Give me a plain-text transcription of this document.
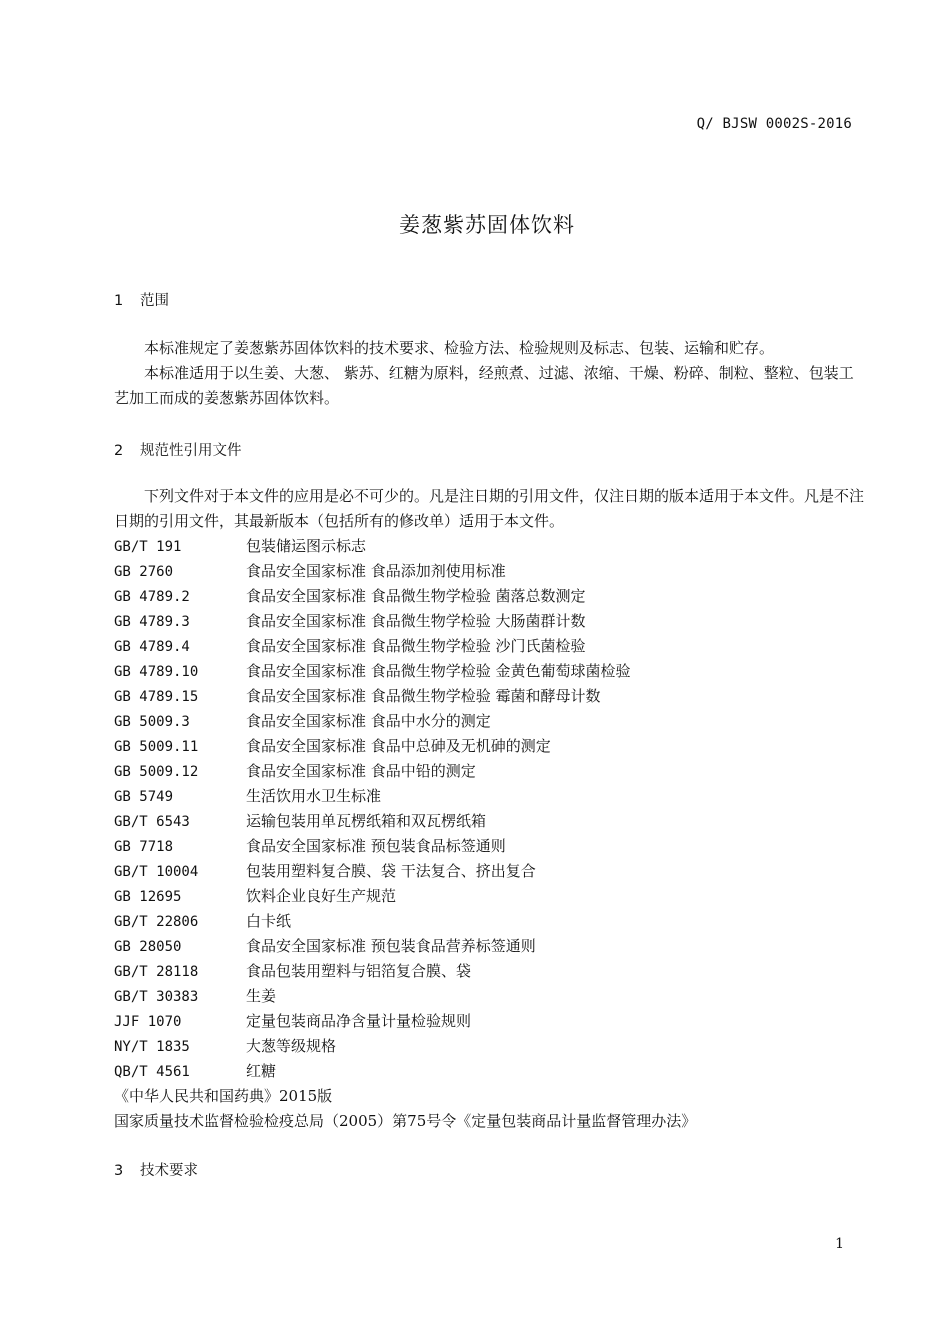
Q/ BJSW 0002S-2016
姜葱紫苏固体饮料
1 范围

本标准规定了姜葱紫苏固体饮料的技术要求、检验方法、检验规则及标志、包装、运输和贮存。

本标准适用于以生姜、大葱、 紫苏、红糖为原料，经煎煮、过滤、浓缩、干燥、粉碎、制粒、整粒、包装工艺加工而成的姜葱紫苏固体饮料。

2 规范性引用文件

下列文件对于本文件的应用是必不可少的。凡是注日期的引用文件，仅注日期的版本适用于本文件。凡是不注日期的引用文件，其最新版本（包括所有的修改单）适用于本文件。

GB/T 191	包装储运图示标志
GB 2760	食品安全国家标准 食品添加剂使用标准
GB 4789.2	食品安全国家标准 食品微生物学检验 菌落总数测定
GB 4789.3	食品安全国家标准 食品微生物学检验 大肠菌群计数
GB 4789.4	食品安全国家标准 食品微生物学检验 沙门氏菌检验
GB 4789.10	食品安全国家标准 食品微生物学检验 金黄色葡萄球菌检验
GB 4789.15	食品安全国家标准 食品微生物学检验 霉菌和酵母计数
GB 5009.3	食品安全国家标准 食品中水分的测定
GB 5009.11	食品安全国家标准 食品中总砷及无机砷的测定
GB 5009.12	食品安全国家标准 食品中铅的测定
GB 5749	生活饮用水卫生标准
GB/T 6543	运输包装用单瓦楞纸箱和双瓦楞纸箱
GB 7718	食品安全国家标准 预包装食品标签通则
GB/T 10004	包装用塑料复合膜、袋 干法复合、挤出复合
GB 12695	饮料企业良好生产规范
GB/T 22806	白卡纸
GB 28050	食品安全国家标准 预包装食品营养标签通则
GB/T 28118	食品包装用塑料与铝箔复合膜、袋
GB/T 30383	生姜
JJF 1070	定量包装商品净含量计量检验规则
NY/T 1835	大葱等级规格
QB/T 4561	红糖
《中华人民共和国药典》2015版
国家质量技术监督检验检疫总局（2005）第75号令《定量包装商品计量监督管理办法》
3 技术要求
1
